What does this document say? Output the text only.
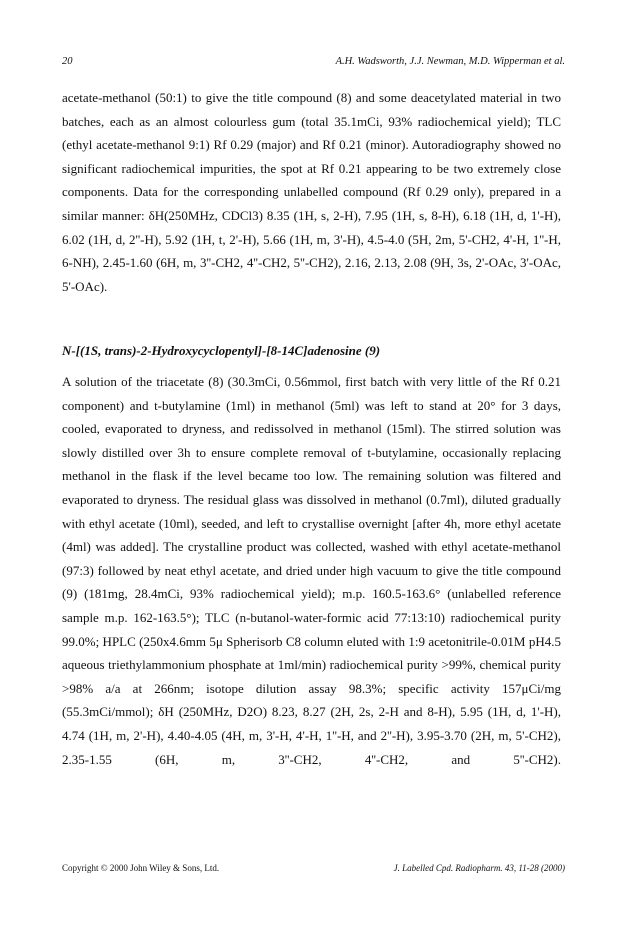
20	A.H. Wadsworth, J.J. Newman, M.D. Wipperman et al.

acetate-methanol (50:1) to give the title compound (8) and some deacetylated material in two batches, each as an almost colourless gum (total 35.1mCi, 93% radiochemical yield); TLC (ethyl acetate-methanol 9:1) Rf 0.29 (major) and Rf 0.21 (minor). Autoradiography showed no significant radiochemical impurities, the spot at Rf 0.21 appearing to be two extremely close components. Data for the corresponding unlabelled compound (Rf 0.29 only), prepared in a similar manner: δH(250MHz, CDCl3) 8.35 (1H, s, 2-H), 7.95 (1H, s, 8-H), 6.18 (1H, d, 1'-H), 6.02 (1H, d, 2''-H), 5.92 (1H, t, 2'-H), 5.66 (1H, m, 3'-H), 4.5-4.0 (5H, 2m, 5'-CH2, 4'-H, 1''-H, 6-NH), 2.45-1.60 (6H, m, 3''-CH2, 4''-CH2, 5''-CH2), 2.16, 2.13, 2.08 (9H, 3s, 2'-OAc, 3'-OAc, 5'-OAc).

N-[(1S, trans)-2-Hydroxycyclopentyl]-[8-14C]adenosine (9)

A solution of the triacetate (8) (30.3mCi, 0.56mmol, first batch with very little of the Rf 0.21 component) and t-butylamine (1ml) in methanol (5ml) was left to stand at 20° for 3 days, cooled, evaporated to dryness, and redissolved in methanol (15ml). The stirred solution was slowly distilled over 3h to ensure complete removal of t-butylamine, occasionally replacing methanol in the flask if the level became too low. The remaining solution was filtered and evaporated to dryness. The residual glass was dissolved in methanol (0.7ml), diluted gradually with ethyl acetate (10ml), seeded, and left to crystallise overnight [after 4h, more ethyl acetate (4ml) was added]. The crystalline product was collected, washed with ethyl acetate-methanol (97:3) followed by neat ethyl acetate, and dried under high vacuum to give the title compound (9) (181mg, 28.4mCi, 93% radiochemical yield); m.p. 160.5-163.6° (unlabelled reference sample m.p. 162-163.5°); TLC (n-butanol-water-formic acid 77:13:10) radiochemical purity 99.0%; HPLC (250x4.6mm 5μ Spherisorb C8 column eluted with 1:9 acetonitrile-0.01M pH4.5 aqueous triethylammonium phosphate at 1ml/min) radiochemical purity >99%, chemical purity >98% a/a at 266nm; isotope dilution assay 98.3%; specific activity 157μCi/mg (55.3mCi/mmol); δH (250MHz, D2O) 8.23, 8.27 (2H, 2s, 2-H and 8-H), 5.95 (1H, d, 1'-H), 4.74 (1H, m, 2'-H), 4.40-4.05 (4H, m, 3'-H, 4'-H, 1''-H, and 2''-H), 3.95-3.70 (2H, m, 5'-CH2), 2.35-1.55 (6H, m, 3''-CH2, 4''-CH2, and 5''-CH2).

Copyright © 2000 John Wiley & Sons, Ltd.	J. Labelled Cpd. Radiopharm. 43, 11-28 (2000)
